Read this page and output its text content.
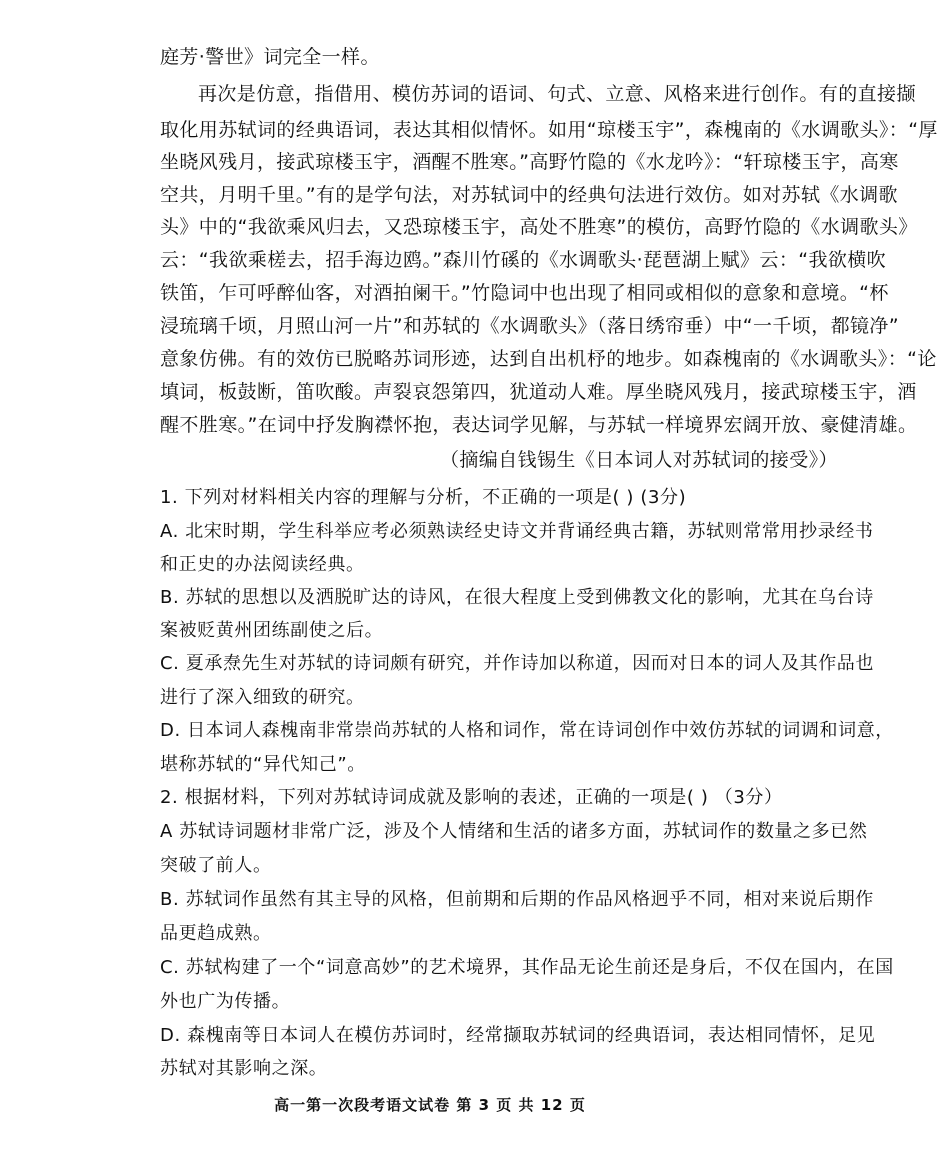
庭芳·警世》词完全一样。
再次是仿意，指借用、模仿苏词的语词、句式、立意、风格来进行创作。有的直接撷
取化用苏轼词的经典语词，表达其相似情怀。如用“琼楼玉宇”，森槐南的《水调歌头》：“厚
坐晓风残月，接武琼楼玉宇，酒醒不胜寒。”高野竹隐的《水龙吟》：“轩琼楼玉宇，高寒
空共，月明千里。”有的是学句法，对苏轼词中的经典句法进行效仿。如对苏轼《水调歌
头》中的“我欲乘风归去，又恐琼楼玉宇，高处不胜寒”的模仿，高野竹隐的《水调歌头》
云：“我欲乘槎去，招手海边鸥。”森川竹磎的《水调歌头·琵琶湖上赋》云：“我欲横吹
铁笛，乍可呼醉仙客，对酒拍阑干。”竹隐词中也出现了相同或相似的意象和意境。“杯
浸琉璃千顷，月照山河一片”和苏轼的《水调歌头》（落日绣帘垂）中“一千顷，都镜净”
意象仿佛。有的效仿已脱略苏词形迹，达到自出机杼的地步。如森槐南的《水调歌头》：“论
填词，板鼓断，笛吹酸。声裂哀怨第四，犹道动人难。厚坐晓风残月，接武琼楼玉宇，酒
醒不胜寒。”在词中抒发胸襟怀抱，表达词学见解，与苏轼一样境界宏阔开放、豪健清雄。
（摘编自钱锡生《日本词人对苏轼词的接受》）
1. 下列对材料相关内容的理解与分析，不正确的一项是( ) (3分)
A. 北宋时期，学生科举应考必须熟读经史诗文并背诵经典古籍，苏轼则常常用抄录经书
和正史的办法阅读经典。
B. 苏轼的思想以及洒脱旷达的诗风，在很大程度上受到佛教文化的影响，尤其在乌台诗
案被贬黄州团练副使之后。
C. 夏承焘先生对苏轼的诗词颇有研究，并作诗加以称道，因而对日本的词人及其作品也
进行了深入细致的研究。
D. 日本词人森槐南非常崇尚苏轼的人格和词作，常在诗词创作中效仿苏轼的词调和词意，
堪称苏轼的“异代知己”。
2. 根据材料，下列对苏轼诗词成就及影响的表述，正确的一项是( ) （3分）
A 苏轼诗词题材非常广泛，涉及个人情绪和生活的诸多方面，苏轼词作的数量之多已然
突破了前人。
B. 苏轼词作虽然有其主导的风格，但前期和后期的作品风格迥乎不同，相对来说后期作
品更趋成熟。
C. 苏轼构建了一个“词意高妙”的艺术境界，其作品无论生前还是身后，不仅在国内，在国
外也广为传播。
D. 森槐南等日本词人在模仿苏词时，经常撷取苏轼词的经典语词，表达相同情怀，足见
苏轼对其影响之深。
高一第一次段考语文试卷 第 3 页 共 12 页
